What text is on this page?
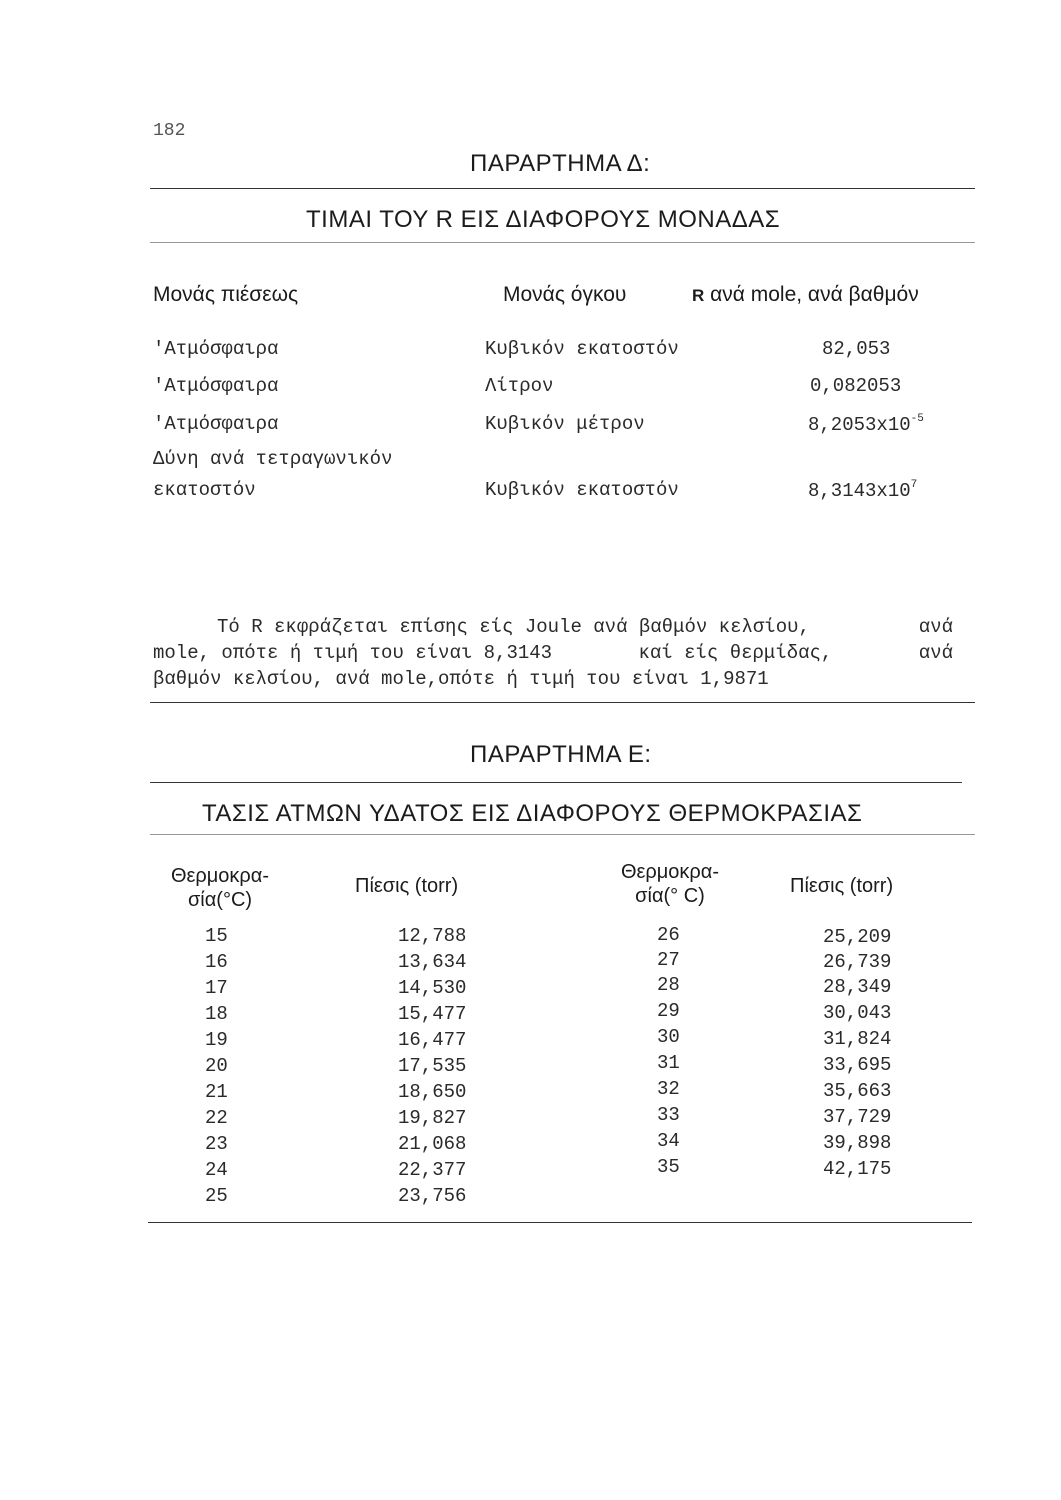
182
ΠΑΡΑΡΤΗΜΑ Δ:
ΤΙΜΑΙ ΤΟΥ R ΕΙΣ ΔΙΑΦΟΡΟΥΣ ΜΟΝΑΔΑΣ
Μονάς πιέσεως	Μονάς όγκου	R ανά mole, ανά βαθμόν
'Ατμόσφαιρα	Κυβικόν εκατοστόν	82,053
'Ατμόσφαιρα	Λίτρον	0,082053
'Ατμόσφαιρα	Κυβικόν μέτρον	$8,2053x10^{-5}$
Δύνη ανά τετραγωνικόν
εκατοστόν	Κυβικόν εκατοστόν	$8,3143x10^7$
Τό R εκφράζεται επίσης είς Joule ανά βαθμόν κελσίου,	ανά
mole, οπότε ή τιμή του είναι 8,3143	καί είς θερμίδας,	ανά
βαθμόν κελσίου, ανά mole,οπότε ή τιμή του είναι 1,9871
ΠΑΡΑΡΤΗΜΑ Ε:
ΤΑΣΙΣ ΑΤΜΩΝ ΥΔΑΤΟΣ ΕΙΣ ΔΙΑΦΟΡΟΥΣ ΘΕΡΜΟΚΡΑΣΙΑΣ
Θερμοκρα-
σία(°C)
Πίεσις (torr)
Θερμοκρα-
σία(° C)	Πίεσις (torr)
15	12,788
16	13,634
17	14,530
18	15,477
19	16,477
20	17,535
21	18,650
22	19,827
23	21,068
24	22,377
25	23,756
26	25,209
27	26,739
28	28,349
29	30,043
30	31,824
31	33,695
32	35,663
33	37,729
34	39,898
35	42,175
